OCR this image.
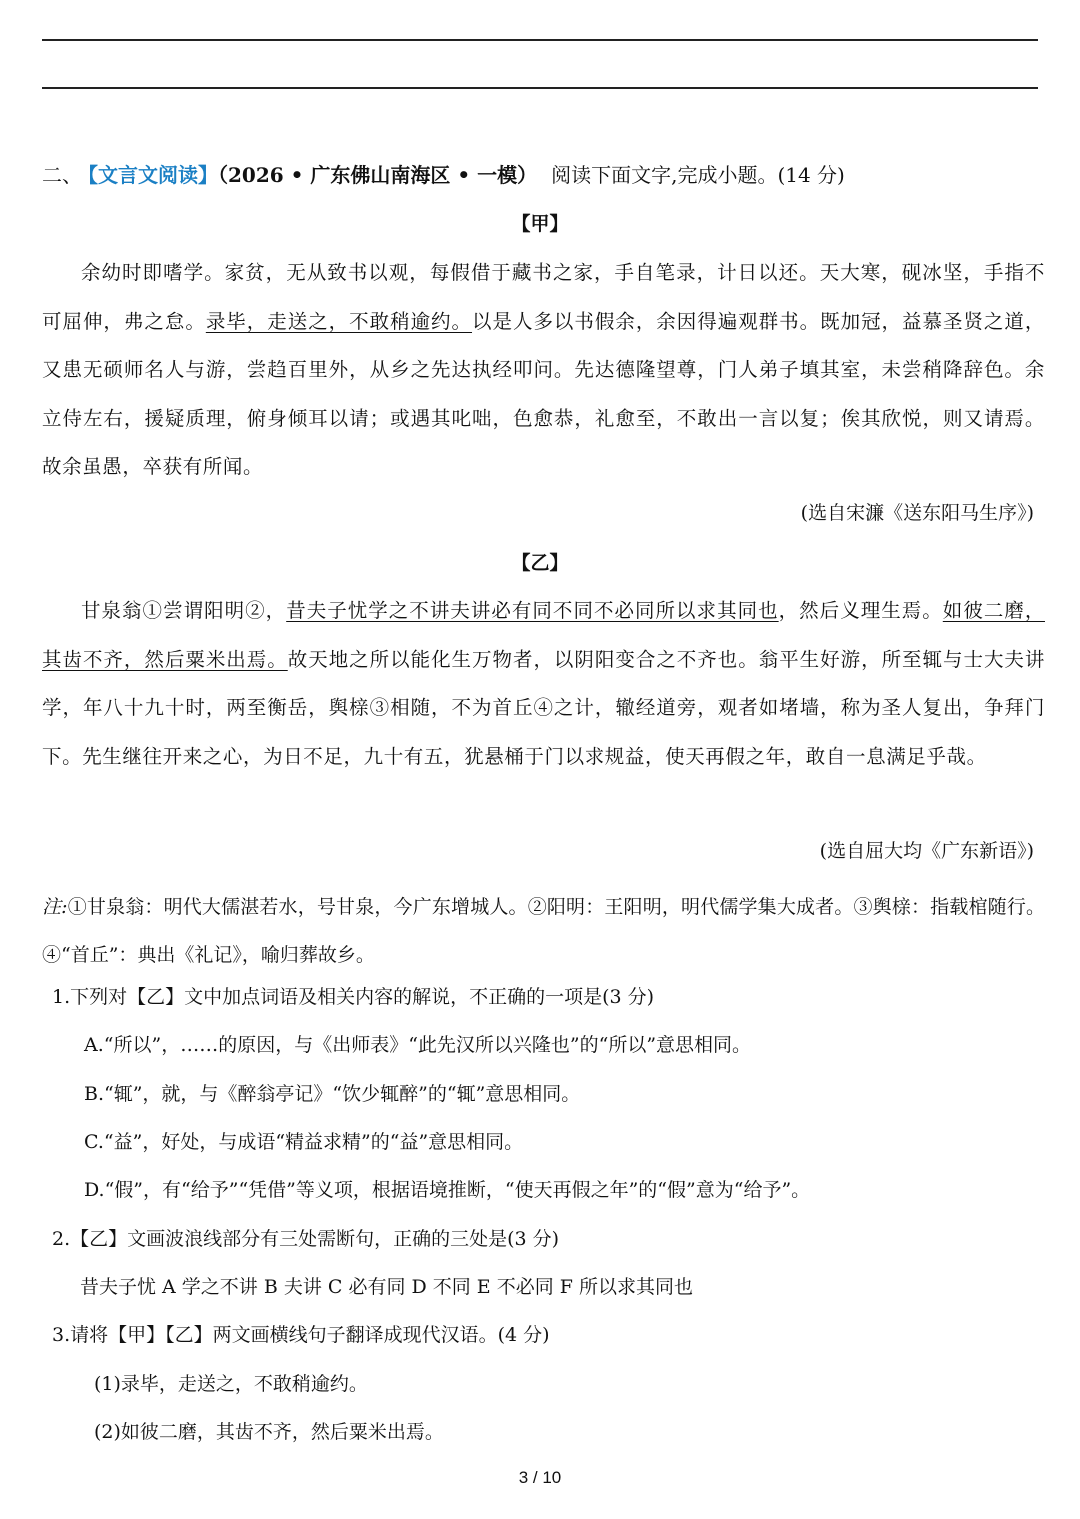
二、 【文言文阅读】（2026 • 广东佛山南海区 • 一模） 阅读下面文字,完成小题。(14 分)
【甲】

余幼时即嗜学。家贫，无从致书以观，每假借于藏书之家，手自笔录，计日以还。天大寒，砚冰坚，手指不可屈伸，弗之怠。录毕，走送之，不敢稍逾约。以是人多以书假余，余因得遍观群书。既加冠，益慕圣贤之道，又患无硕师名人与游，尝趋百里外，从乡之先达执经叩问。先达德隆望尊，门人弟子填其室，未尝稍降辞色。余立侍左右，援疑质理，俯身倾耳以请；或遇其叱咄，色愈恭，礼愈至，不敢出一言以复；俟其欣悦，则又请焉。故余虽愚，卒获有所闻。

(选自宋濂《送东阳马生序》)
【乙】

甘泉翁①尝谓阳明②，昔夫子忧学之不讲夫讲必有同不同不必同所以求其同也，然后义理生焉。如彼二磨，其齿不齐，然后粟米出焉。故天地之所以能化生万物者，以阴阳变合之不齐也。翁平生好游，所至辄与士大夫讲学，年八十九十时，两至衡岳，舆榇③相随，不为首丘④之计，辙经道旁，观者如堵墙，称为圣人复出，争拜门下。先生继往开来之心，为日不足，九十有五，犹悬桶于门以求规益，使天再假之年，敢自一息满足乎哉。

(选自屈大均《广东新语》)
注:①甘泉翁：明代大儒湛若水，号甘泉，今广东增城人。②阳明：王阳明，明代儒学集大成者。③舆榇：指载棺随行。④“首丘”：典出《礼记》，喻归葬故乡。
1.下列对【乙】文中加点词语及相关内容的解说，不正确的一项是(3 分)
A.“所以”，……的原因，与《出师表》“此先汉所以兴隆也”的“所以”意思相同。
B.“辄”，就，与《醉翁亭记》“饮少辄醉”的“辄”意思相同。
C.“益”，好处，与成语“精益求精”的“益”意思相同。
D.“假”，有“给予”“凭借”等义项，根据语境推断，“使天再假之年”的“假”意为“给予”。
2.【乙】文画波浪线部分有三处需断句，正确的三处是(3 分)
昔夫子忧 A 学之不讲 B 夫讲 C 必有同 D 不同 E 不必同 F 所以求其同也
3.请将【甲】【乙】两文画横线句子翻译成现代汉语。(4 分)
(1)录毕，走送之，不敢稍逾约。
(2)如彼二磨，其齿不齐，然后粟米出焉。
3 / 10
